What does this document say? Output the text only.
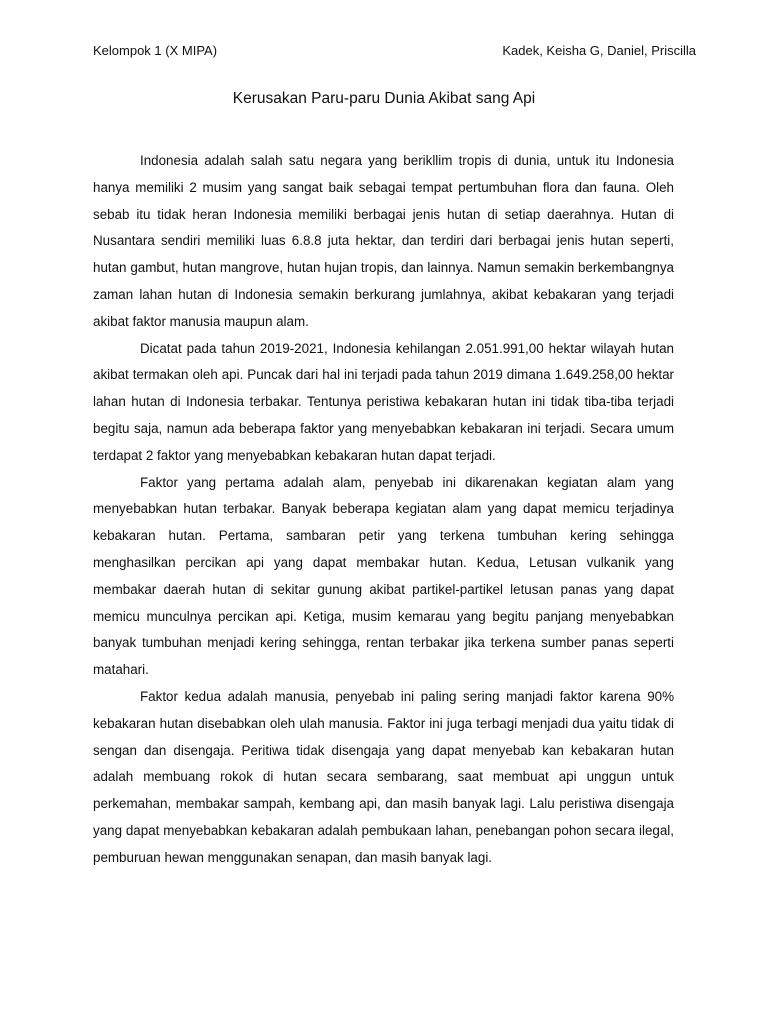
Kelompok 1 (X MIPA)	Kadek, Keisha G, Daniel, Priscilla
Kerusakan Paru-paru Dunia Akibat sang Api

Indonesia adalah salah satu negara yang berikllim tropis di dunia, untuk itu Indonesia hanya memiliki 2 musim yang sangat baik sebagai tempat pertumbuhan flora dan fauna. Oleh sebab itu tidak heran Indonesia memiliki berbagai jenis hutan di setiap daerahnya. Hutan di Nusantara sendiri memiliki luas 6.8.8 juta hektar, dan terdiri dari berbagai jenis hutan seperti, hutan gambut, hutan mangrove, hutan hujan tropis, dan lainnya. Namun semakin berkembangnya zaman lahan hutan di Indonesia semakin berkurang jumlahnya, akibat kebakaran yang terjadi akibat faktor manusia maupun alam.

Dicatat pada tahun 2019-2021, Indonesia kehilangan 2.051.991,00 hektar wilayah hutan akibat termakan oleh api. Puncak dari hal ini terjadi pada tahun 2019 dimana 1.649.258,00 hektar lahan hutan di Indonesia terbakar. Tentunya peristiwa kebakaran hutan ini tidak tiba-tiba terjadi begitu saja, namun ada beberapa faktor yang menyebabkan kebakaran ini terjadi. Secara umum terdapat 2 faktor yang menyebabkan kebakaran hutan dapat terjadi.

Faktor yang pertama adalah alam, penyebab ini dikarenakan kegiatan alam yang menyebabkan hutan terbakar. Banyak beberapa kegiatan alam yang dapat memicu terjadinya kebakaran hutan. Pertama, sambaran petir yang terkena tumbuhan kering sehingga menghasilkan percikan api yang dapat membakar hutan. Kedua, Letusan vulkanik yang membakar daerah hutan di sekitar gunung akibat partikel-partikel letusan panas yang dapat memicu munculnya percikan api. Ketiga, musim kemarau yang begitu panjang menyebabkan banyak tumbuhan menjadi kering sehingga, rentan terbakar jika terkena sumber panas seperti matahari.

Faktor kedua adalah manusia, penyebab ini paling sering manjadi faktor karena 90% kebakaran hutan disebabkan oleh ulah manusia. Faktor ini juga terbagi menjadi dua yaitu tidak di sengan dan disengaja. Peritiwa tidak disengaja yang dapat menyebab kan kebakaran hutan adalah membuang rokok di hutan secara sembarang, saat membuat api unggun untuk perkemahan, membakar sampah, kembang api, dan masih banyak lagi. Lalu peristiwa disengaja yang dapat menyebabkan kebakaran adalah pembukaan lahan, penebangan pohon secara ilegal, pemburuan hewan menggunakan senapan, dan masih banyak lagi.
